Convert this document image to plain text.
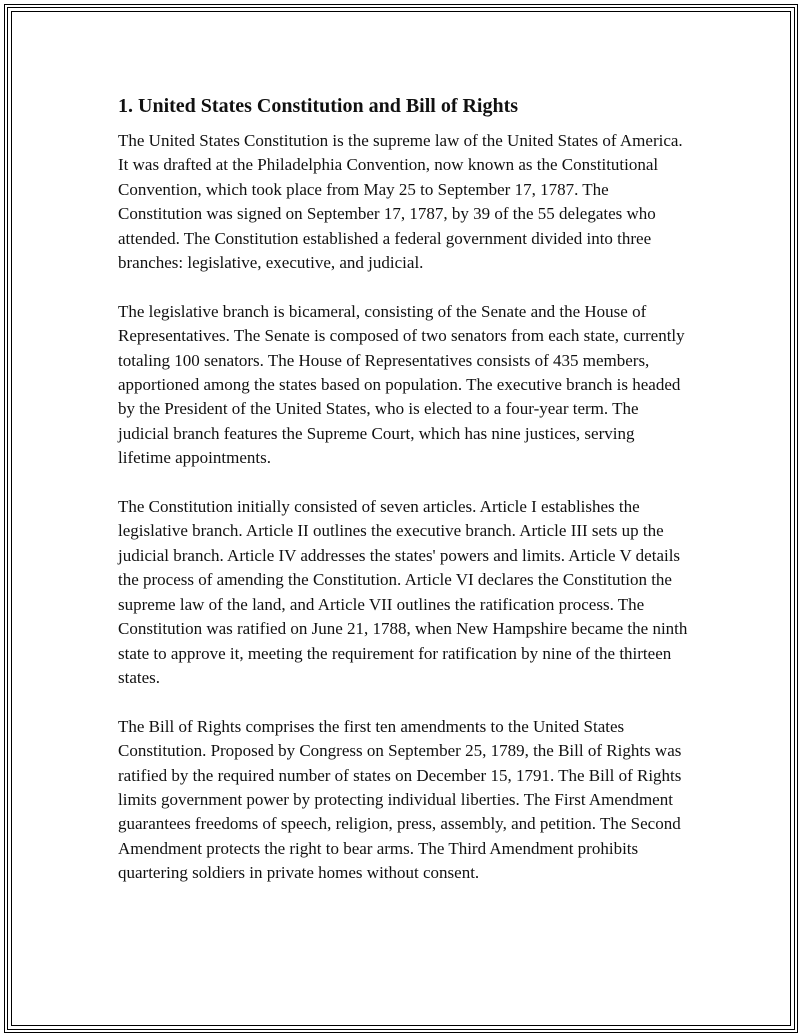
1. United States Constitution and Bill of Rights

The United States Constitution is the supreme law of the United States of America. It was drafted at the Philadelphia Convention, now known as the Constitutional Convention, which took place from May 25 to September 17, 1787. The Constitution was signed on September 17, 1787, by 39 of the 55 delegates who attended. The Constitution established a federal government divided into three branches: legislative, executive, and judicial.

The legislative branch is bicameral, consisting of the Senate and the House of Representatives. The Senate is composed of two senators from each state, currently totaling 100 senators. The House of Representatives consists of 435 members, apportioned among the states based on population. The executive branch is headed by the President of the United States, who is elected to a four-year term. The judicial branch features the Supreme Court, which has nine justices, serving lifetime appointments.

The Constitution initially consisted of seven articles. Article I establishes the legislative branch. Article II outlines the executive branch. Article III sets up the judicial branch. Article IV addresses the states' powers and limits. Article V details the process of amending the Constitution. Article VI declares the Constitution the supreme law of the land, and Article VII outlines the ratification process. The Constitution was ratified on June 21, 1788, when New Hampshire became the ninth state to approve it, meeting the requirement for ratification by nine of the thirteen states.

The Bill of Rights comprises the first ten amendments to the United States Constitution. Proposed by Congress on September 25, 1789, the Bill of Rights was ratified by the required number of states on December 15, 1791. The Bill of Rights limits government power by protecting individual liberties. The First Amendment guarantees freedoms of speech, religion, press, assembly, and petition. The Second Amendment protects the right to bear arms. The Third Amendment prohibits quartering soldiers in private homes without consent.
